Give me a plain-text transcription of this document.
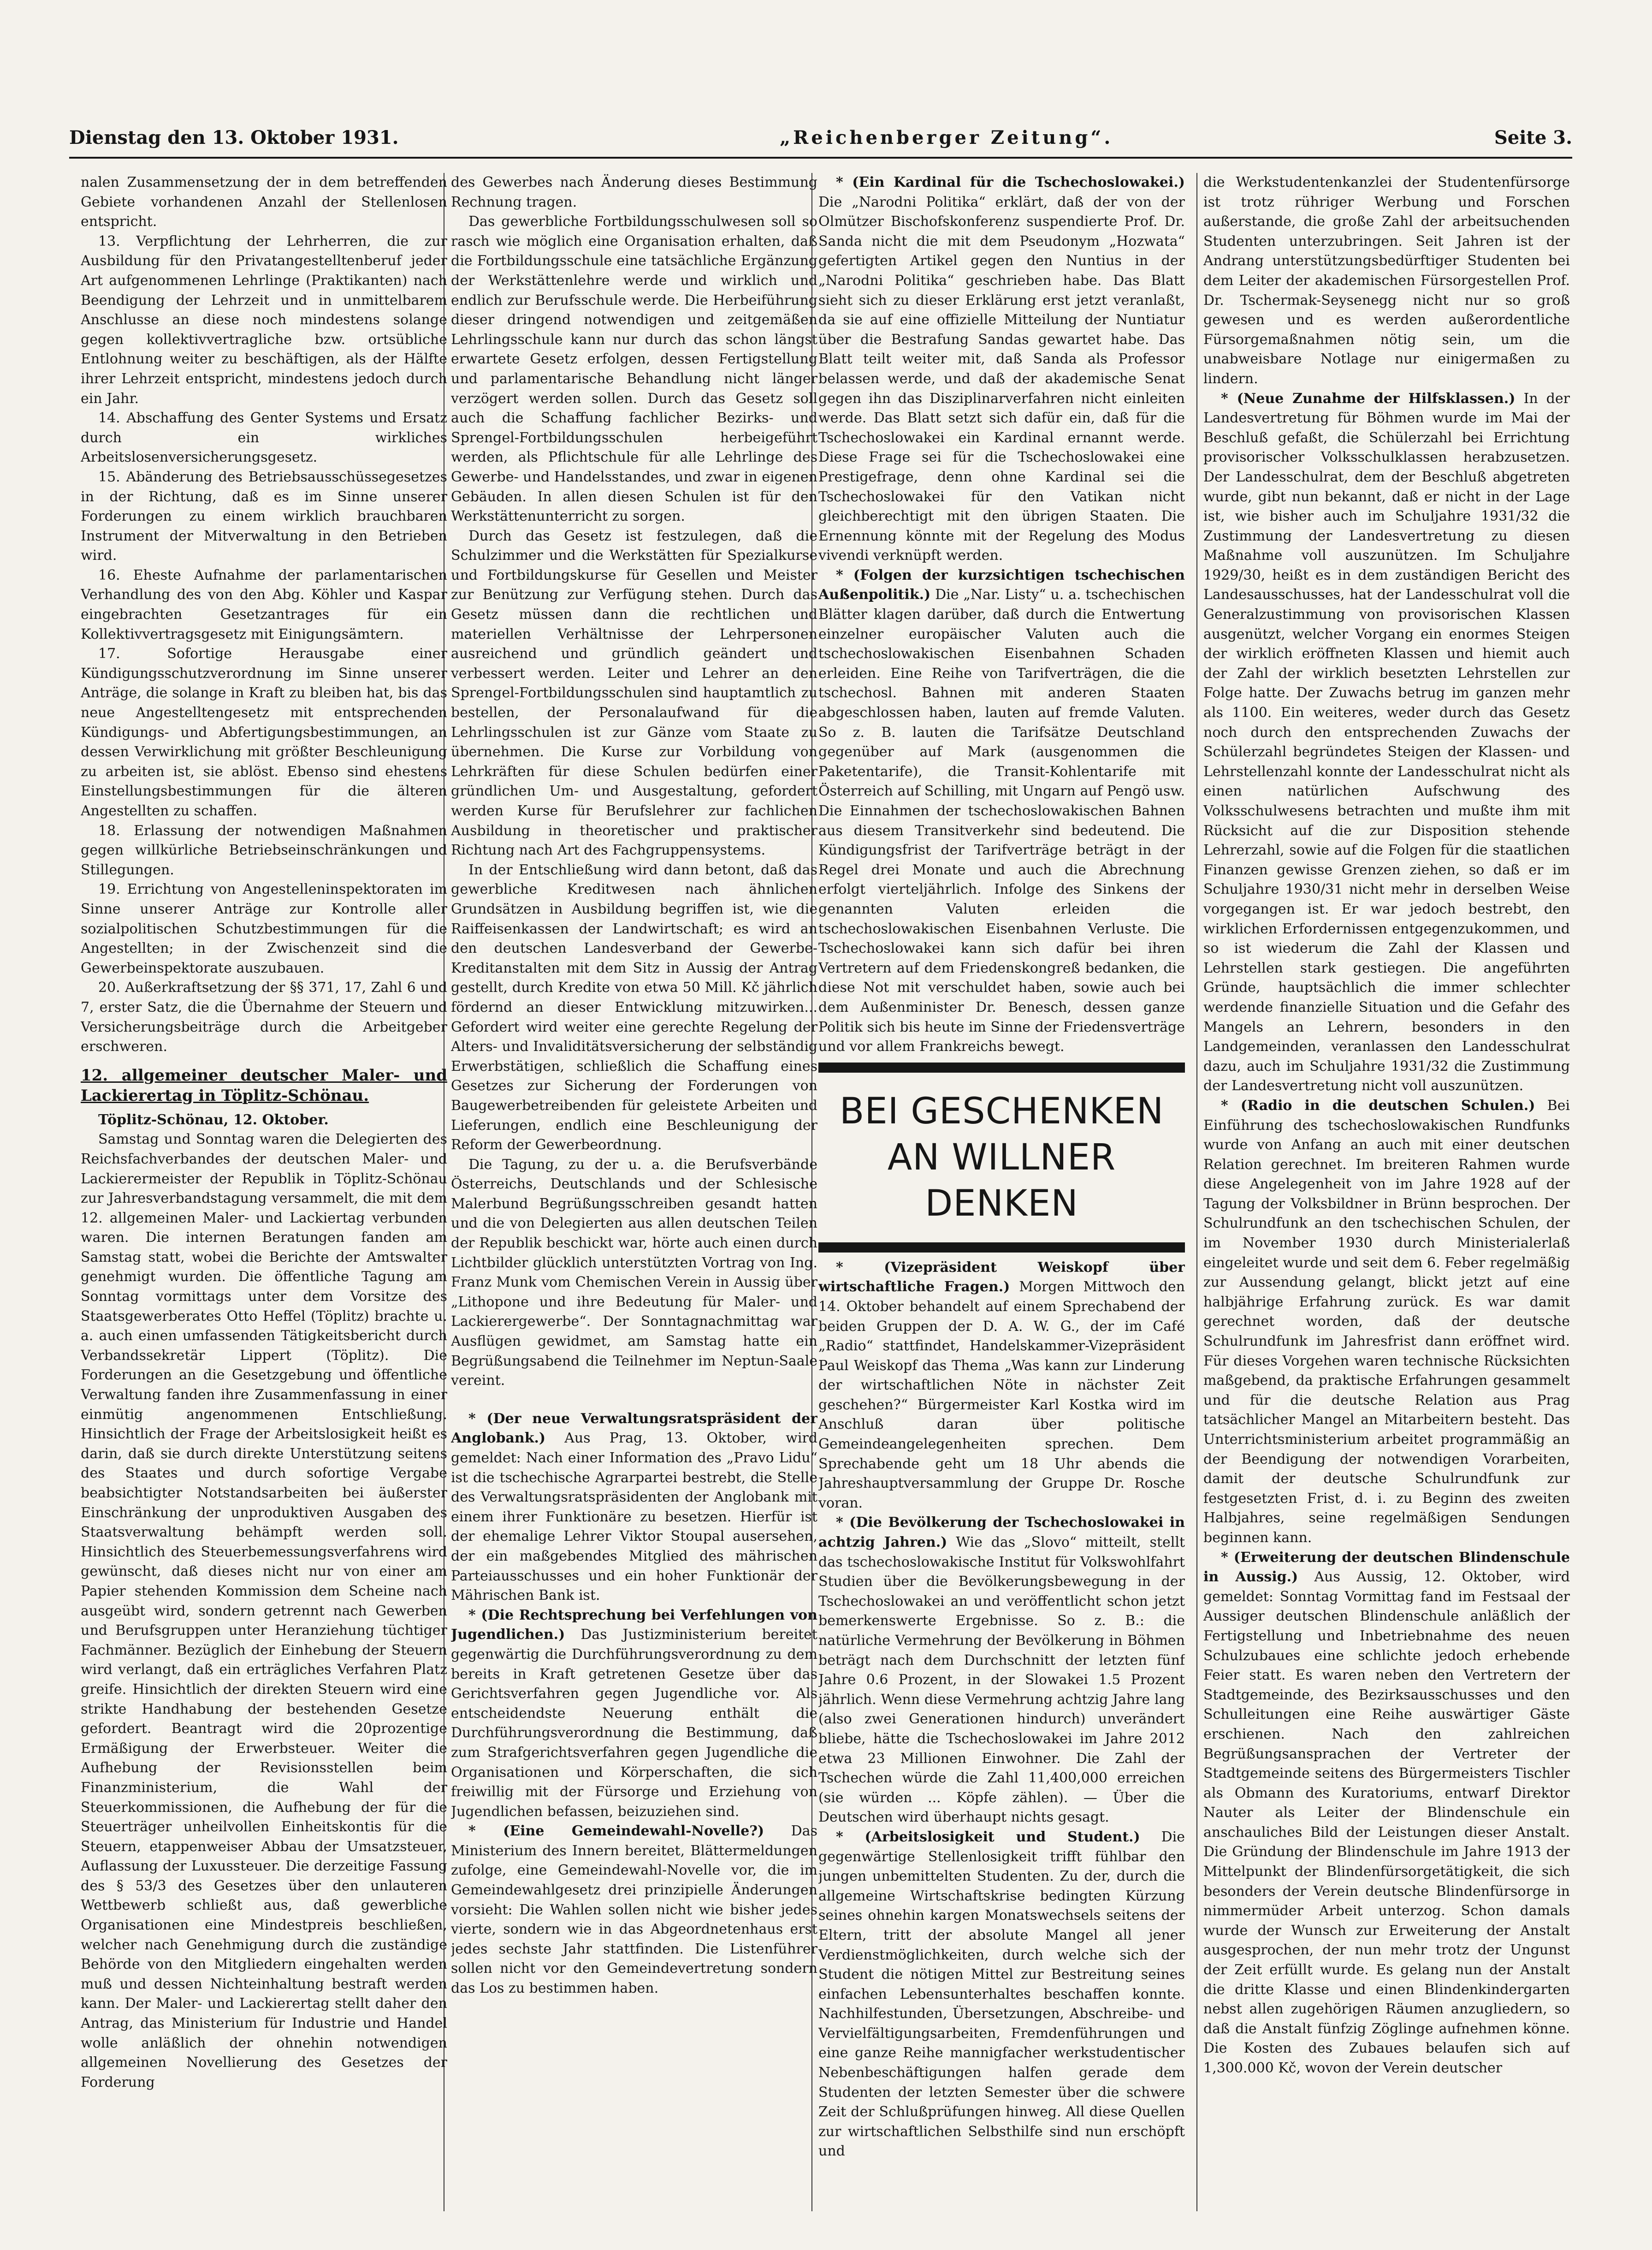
Dienstag den 13. Oktober 1931.	„Reichenberger Zeitung“.	Seite 3.

nalen Zusammensetzung der in dem betreffenden Gebiete vorhandenen Anzahl der Stellenlosen entspricht.

13. Verpflichtung der Lehrherren, die zur Ausbildung für den Privatangestelltenberuf jeder Art aufgenommenen Lehrlinge (Praktikanten) nach Beendigung der Lehrzeit und in unmittelbarem Anschlusse an diese noch mindestens solange gegen kollektivvertragliche bzw. ortsübliche Entlohnung weiter zu beschäftigen, als der Hälfte ihrer Lehrzeit entspricht, mindestens jedoch durch ein Jahr.

14. Abschaffung des Genter Systems und Ersatz durch ein wirkliches Arbeitslosenversicherungsgesetz.

15. Abänderung des Betriebsausschüssegesetzes in der Richtung, daß es im Sinne unserer Forderungen zu einem wirklich brauchbaren Instrument der Mitverwaltung in den Betrieben wird.

16. Eheste Aufnahme der parlamentarischen Verhandlung des von den Abg. Köhler und Kaspar eingebrachten Gesetzantrages für ein Kollektivvertragsgesetz mit Einigungsämtern.

17. Sofortige Herausgabe einer Kündigungsschutzverordnung im Sinne unserer Anträge, die solange in Kraft zu bleiben hat, bis das neue Angestelltengesetz mit entsprechenden Kündigungs- und Abfertigungsbestimmungen, an dessen Verwirklichung mit größter Beschleunigung zu arbeiten ist, sie ablöst. Ebenso sind ehestens Einstellungsbestimmungen für die älteren Angestellten zu schaffen.

18. Erlassung der notwendigen Maßnahmen gegen willkürliche Betriebseinschränkungen und Stillegungen.

19. Errichtung von Angestelleninspektoraten im Sinne unserer Anträge zur Kontrolle aller sozialpolitischen Schutzbestimmungen für die Angestellten; in der Zwischenzeit sind die Gewerbeinspektorate auszubauen.

20. Außerkraftsetzung der §§ 371, 17, Zahl 6 und 7, erster Satz, die die Übernahme der Steuern und Versicherungsbeiträge durch die Arbeitgeber erschweren.

12. allgemeiner deutscher Maler- und Lackierertag in Töplitz-Schönau.

Töplitz-Schönau, 12. Oktober.

Samstag und Sonntag waren die Delegierten des Reichsfachverbandes der deutschen Maler- und Lackierermeister der Republik in Töplitz-Schönau zur Jahresverbandstagung versammelt, die mit dem 12. allgemeinen Maler- und Lackiertag verbunden waren. Die internen Beratungen fanden am Samstag statt, wobei die Berichte der Amtswalter genehmigt wurden. Die öffentliche Tagung am Sonntag vormittags unter dem Vorsitze des Staatsgewerberates Otto Heffel (Töplitz) brachte u. a. auch einen umfassenden Tätigkeitsbericht durch Verbandssekretär Lippert (Töplitz). Die Forderungen an die Gesetzgebung und öffentliche Verwaltung fanden ihre Zusammenfassung in einer einmütig angenommenen Entschließung. Hinsichtlich der Frage der Arbeitslosigkeit heißt es darin, daß sie durch direkte Unterstützung seitens des Staates und durch sofortige Vergabe beabsichtigter Notstandsarbeiten bei äußerster Einschränkung der unproduktiven Ausgaben des Staatsverwaltung behämpft werden soll. Hinsichtlich des Steuerbemessungsverfahrens wird gewünscht, daß dieses nicht nur von einer am Papier stehenden Kommission dem Scheine nach ausgeübt wird, sondern getrennt nach Gewerben und Berufsgruppen unter Heranziehung tüchtiger Fachmänner. Bezüglich der Einhebung der Steuern wird verlangt, daß ein erträgliches Verfahren Platz greife. Hinsichtlich der direkten Steuern wird eine strikte Handhabung der bestehenden Gesetze gefordert. Beantragt wird die 20prozentige Ermäßigung der Erwerbsteuer. Weiter die Aufhebung der Revisionsstellen beim Finanzministerium, die Wahl der Steuerkommissionen, die Aufhebung der für die Steuerträger unheilvollen Einheitskontis für die Steuern, etappenweiser Abbau der Umsatzsteuer, Auflassung der Luxussteuer. Die derzeitige Fassung des § 53/3 des Gesetzes über den unlauteren Wettbewerb schließt aus, daß gewerbliche Organisationen eine Mindestpreis beschließen, welcher nach Genehmigung durch die zuständige Behörde von den Mitgliedern eingehalten werden muß und dessen Nichteinhaltung bestraft werden kann. Der Maler- und Lackierertag stellt daher den Antrag, das Ministerium für Industrie und Handel wolle anläßlich der ohnehin notwendigen allgemeinen Novellierung des Gesetzes der Forderung

des Gewerbes nach Änderung dieses Bestimmung Rechnung tragen.

Das gewerbliche Fortbildungsschulwesen soll so rasch wie möglich eine Organisation erhalten, daß die Fortbildungsschule eine tatsächliche Ergänzung der Werkstättenlehre werde und wirklich und endlich zur Berufsschule werde. Die Herbeiführung dieser dringend notwendigen und zeitgemäßen Lehrlingsschule kann nur durch das schon längst erwartete Gesetz erfolgen, dessen Fertigstellung und parlamentarische Behandlung nicht länger verzögert werden sollen. Durch das Gesetz soll auch die Schaffung fachlicher Bezirks- und Sprengel-Fortbildungsschulen herbeigeführt werden, als Pflichtschule für alle Lehrlinge des Gewerbe- und Handelsstandes, und zwar in eigenen Gebäuden. In allen diesen Schulen ist für den Werkstättenunterricht zu sorgen.

Durch das Gesetz ist festzulegen, daß die Schulzimmer und die Werkstätten für Spezialkurse und Fortbildungskurse für Gesellen und Meister zur Benützung zur Verfügung stehen. Durch das Gesetz müssen dann die rechtlichen und materiellen Verhältnisse der Lehrpersonen ausreichend und gründlich geändert und verbessert werden. Leiter und Lehrer an den Sprengel-Fortbildungsschulen sind hauptamtlich zu bestellen, der Personalaufwand für die Lehrlingsschulen ist zur Gänze vom Staate zu übernehmen. Die Kurse zur Vorbildung von Lehrkräften für diese Schulen bedürfen einer gründlichen Um- und Ausgestaltung, gefordert werden Kurse für Berufslehrer zur fachlichen Ausbildung in theoretischer und praktischer Richtung nach Art des Fachgruppensystems.

In der Entschließung wird dann betont, daß das gewerbliche Kreditwesen nach ähnlichen Grundsätzen in Ausbildung begriffen ist, wie die Raiffeisenkassen der Landwirtschaft; es wird an den deutschen Landesverband der Gewerbe-Kreditanstalten mit dem Sitz in Aussig der Antrag gestellt, durch Kredite von etwa 50 Mill. Kč jährlich fördernd an dieser Entwicklung mitzuwirken... Gefordert wird weiter eine gerechte Regelung der Alters- und Invaliditätsversicherung der selbständig Erwerbstätigen, schließlich die Schaffung eines Gesetzes zur Sicherung der Forderungen von Baugewerbetreibenden für geleistete Arbeiten und Lieferungen, endlich eine Beschleunigung der Reform der Gewerbeordnung.

Die Tagung, zu der u. a. die Berufsverbände Österreichs, Deutschlands und der Schlesische Malerbund Begrüßungsschreiben gesandt hatten und die von Delegierten aus allen deutschen Teilen der Republik beschickt war, hörte auch einen durch Lichtbilder glücklich unterstützten Vortrag von Ing. Franz Munk vom Chemischen Verein in Aussig über „Lithopone und ihre Bedeutung für Maler- und Lackierergewerbe“. Der Sonntagnachmittag war Ausflügen gewidmet, am Samstag hatte ein Begrüßungsabend die Teilnehmer im Neptun-Saale vereint.

* (Der neue Verwaltungsratspräsident der Anglobank.) Aus Prag, 13. Oktober, wird gemeldet: Nach einer Information des „Pravo Lidu“ ist die tschechische Agrarpartei bestrebt, die Stelle des Verwaltungsratspräsidenten der Anglobank mit einem ihrer Funktionäre zu besetzen. Hierfür ist der ehemalige Lehrer Viktor Stoupal ausersehen, der ein maßgebendes Mitglied des mährischen Parteiausschusses und ein hoher Funktionär der Mährischen Bank ist.

* (Die Rechtsprechung bei Verfehlungen von Jugendlichen.) Das Justizministerium bereitet gegenwärtig die Durchführungsverordnung zu dem bereits in Kraft getretenen Gesetze über das Gerichtsverfahren gegen Jugendliche vor. Als entscheidendste Neuerung enthält die Durchführungsverordnung die Bestimmung, daß zum Strafgerichtsverfahren gegen Jugendliche die Organisationen und Körperschaften, die sich freiwillig mit der Fürsorge und Erziehung von Jugendlichen befassen, beizuziehen sind.

* (Eine Gemeindewahl-Novelle?) Das Ministerium des Innern bereitet, Blättermeldungen zufolge, eine Gemeindewahl-Novelle vor, die im Gemeindewahlgesetz drei prinzipielle Änderungen vorsieht: Die Wahlen sollen nicht wie bisher jedes vierte, sondern wie in das Abgeordnetenhaus erst jedes sechste Jahr stattfinden. Die Listenführer sollen nicht vor den Gemeindevertretung sondern das Los zu bestimmen haben.

* (Ein Kardinal für die Tschechoslowakei.) Die „Narodni Politika“ erklärt, daß der von der Olmützer Bischofskonferenz suspendierte Prof. Dr. Sanda nicht die mit dem Pseudonym „Hozwata“ gefertigten Artikel gegen den Nuntius in der „Narodni Politika“ geschrieben habe. Das Blatt sieht sich zu dieser Erklärung erst jetzt veranlaßt, da sie auf eine offizielle Mitteilung der Nuntiatur über die Bestrafung Sandas gewartet habe. Das Blatt teilt weiter mit, daß Sanda als Professor belassen werde, und daß der akademische Senat gegen ihn das Disziplinarverfahren nicht einleiten werde. Das Blatt setzt sich dafür ein, daß für die Tschechoslowakei ein Kardinal ernannt werde. Diese Frage sei für die Tschechoslowakei eine Prestigefrage, denn ohne Kardinal sei die Tschechoslowakei für den Vatikan nicht gleichberechtigt mit den übrigen Staaten. Die Ernennung könnte mit der Regelung des Modus vivendi verknüpft werden.

* (Folgen der kurzsichtigen tschechischen Außenpolitik.) Die „Nar. Listy“ u. a. tschechischen Blätter klagen darüber, daß durch die Entwertung einzelner europäischer Valuten auch die tschechoslowakischen Eisenbahnen Schaden erleiden. Eine Reihe von Tarifverträgen, die die tschechosl. Bahnen mit anderen Staaten abgeschlossen haben, lauten auf fremde Valuten. So z. B. lauten die Tarifsätze Deutschland gegenüber auf Mark (ausgenommen die Paketentarife), die Transit-Kohlentarife mit Österreich auf Schilling, mit Ungarn auf Pengö usw. Die Einnahmen der tschechoslowakischen Bahnen aus diesem Transitverkehr sind bedeutend. Die Kündigungsfrist der Tarifverträge beträgt in der Regel drei Monate und auch die Abrechnung erfolgt vierteljährlich. Infolge des Sinkens der genannten Valuten erleiden die tschechoslowakischen Eisenbahnen Verluste. Die Tschechoslowakei kann sich dafür bei ihren Vertretern auf dem Friedenskongreß bedanken, die diese Not mit verschuldet haben, sowie auch bei dem Außenminister Dr. Benesch, dessen ganze Politik sich bis heute im Sinne der Friedensverträge und vor allem Frankreichs bewegt.

BEI GESCHENKEN
AN WILLNER DENKEN

* (Vizepräsident Weiskopf über wirtschaftliche Fragen.) Morgen Mittwoch den 14. Oktober behandelt auf einem Sprechabend der beiden Gruppen der D. A. W. G., der im Café „Radio“ stattfindet, Handelskammer-Vizepräsident Paul Weiskopf das Thema „Was kann zur Linderung der wirtschaftlichen Nöte in nächster Zeit geschehen?“ Bürgermeister Karl Kostka wird im Anschluß daran über politische Gemeindeangelegenheiten sprechen. Dem Sprechabende geht um 18 Uhr abends die Jahreshauptversammlung der Gruppe Dr. Rosche voran.

* (Die Bevölkerung der Tschechoslowakei in achtzig Jahren.) Wie das „Slovo“ mitteilt, stellt das tschechoslowakische Institut für Volkswohlfahrt Studien über die Bevölkerungsbewegung in der Tschechoslowakei an und veröffentlicht schon jetzt bemerkenswerte Ergebnisse. So z. B.: die natürliche Vermehrung der Bevölkerung in Böhmen beträgt nach dem Durchschnitt der letzten fünf Jahre 0.6 Prozent, in der Slowakei 1.5 Prozent jährlich. Wenn diese Vermehrung achtzig Jahre lang (also zwei Generationen hindurch) unverändert bliebe, hätte die Tschechoslowakei im Jahre 2012 etwa 23 Millionen Einwohner. Die Zahl der Tschechen würde die Zahl 11,400,000 erreichen (sie würden ... Köpfe zählen). — Über die Deutschen wird überhaupt nichts gesagt.

* (Arbeitslosigkeit und Student.) Die gegenwärtige Stellenlosigkeit trifft fühlbar den jungen unbemittelten Studenten. Zu der, durch die allgemeine Wirtschaftskrise bedingten Kürzung seines ohnehin kargen Monatswechsels seitens der Eltern, tritt der absolute Mangel all jener Verdienstmöglichkeiten, durch welche sich der Student die nötigen Mittel zur Bestreitung seines einfachen Lebensunterhaltes beschaffen konnte. Nachhilfestunden, Übersetzungen, Abschreibe- und Vervielfältigungsarbeiten, Fremdenführungen und eine ganze Reihe mannigfacher werkstudentischer Nebenbeschäftigungen halfen gerade dem Studenten der letzten Semester über die schwere Zeit der Schlußprüfungen hinweg. All diese Quellen zur wirtschaftlichen Selbsthilfe sind nun erschöpft und

die Werkstudentenkanzlei der Studentenfürsorge ist trotz rühriger Werbung und Forschen außerstande, die große Zahl der arbeitsuchenden Studenten unterzubringen. Seit Jahren ist der Andrang unterstützungsbedürftiger Studenten bei dem Leiter der akademischen Fürsorgestellen Prof. Dr. Tschermak-Seysenegg nicht nur so groß gewesen und es werden außerordentliche Fürsorgemaßnahmen nötig sein, um die unabweisbare Notlage nur einigermaßen zu lindern.

* (Neue Zunahme der Hilfsklassen.) In der Landesvertretung für Böhmen wurde im Mai der Beschluß gefaßt, die Schülerzahl bei Errichtung provisorischer Volksschulklassen herabzusetzen. Der Landesschulrat, dem der Beschluß abgetreten wurde, gibt nun bekannt, daß er nicht in der Lage ist, wie bisher auch im Schuljahre 1931/32 die Zustimmung der Landesvertretung zu diesen Maßnahme voll auszunützen. Im Schuljahre 1929/30, heißt es in dem zuständigen Bericht des Landesausschusses, hat der Landesschulrat voll die Generalzustimmung von provisorischen Klassen ausgenützt, welcher Vorgang ein enormes Steigen der wirklich eröffneten Klassen und hiemit auch der Zahl der wirklich besetzten Lehrstellen zur Folge hatte. Der Zuwachs betrug im ganzen mehr als 1100. Ein weiteres, weder durch das Gesetz noch durch den entsprechenden Zuwachs der Schülerzahl begründetes Steigen der Klassen- und Lehrstellenzahl konnte der Landesschulrat nicht als einen natürlichen Aufschwung des Volksschulwesens betrachten und mußte ihm mit Rücksicht auf die zur Disposition stehende Lehrerzahl, sowie auf die Folgen für die staatlichen Finanzen gewisse Grenzen ziehen, so daß er im Schuljahre 1930/31 nicht mehr in derselben Weise vorgegangen ist. Er war jedoch bestrebt, den wirklichen Erfordernissen entgegenzukommen, und so ist wiederum die Zahl der Klassen und Lehrstellen stark gestiegen. Die angeführten Gründe, hauptsächlich die immer schlechter werdende finanzielle Situation und die Gefahr des Mangels an Lehrern, besonders in den Landgemeinden, veranlassen den Landesschulrat dazu, auch im Schuljahre 1931/32 die Zustimmung der Landesvertretung nicht voll auszunützen.

* (Radio in die deutschen Schulen.) Bei Einführung des tschechoslowakischen Rundfunks wurde von Anfang an auch mit einer deutschen Relation gerechnet. Im breiteren Rahmen wurde diese Angelegenheit von im Jahre 1928 auf der Tagung der Volksbildner in Brünn besprochen. Der Schulrundfunk an den tschechischen Schulen, der im November 1930 durch Ministerialerlaß eingeleitet wurde und seit dem 6. Feber regelmäßig zur Aussendung gelangt, blickt jetzt auf eine halbjährige Erfahrung zurück. Es war damit gerechnet worden, daß der deutsche Schulrundfunk im Jahresfrist dann eröffnet wird. Für dieses Vorgehen waren technische Rücksichten maßgebend, da praktische Erfahrungen gesammelt und für die deutsche Relation aus Prag tatsächlicher Mangel an Mitarbeitern besteht. Das Unterrichtsministerium arbeitet programmäßig an der Beendigung der notwendigen Vorarbeiten, damit der deutsche Schulrundfunk zur festgesetzten Frist, d. i. zu Beginn des zweiten Halbjahres, seine regelmäßigen Sendungen beginnen kann.

* (Erweiterung der deutschen Blindenschule in Aussig.) Aus Aussig, 12. Oktober, wird gemeldet: Sonntag Vormittag fand im Festsaal der Aussiger deutschen Blindenschule anläßlich der Fertigstellung und Inbetriebnahme des neuen Schulzubaues eine schlichte jedoch erhebende Feier statt. Es waren neben den Vertretern der Stadtgemeinde, des Bezirksausschusses und den Schulleitungen eine Reihe auswärtiger Gäste erschienen. Nach den zahlreichen Begrüßungsansprachen der Vertreter der Stadtgemeinde seitens des Bürgermeisters Tischler als Obmann des Kuratoriums, entwarf Direktor Nauter als Leiter der Blindenschule ein anschauliches Bild der Leistungen dieser Anstalt. Die Gründung der Blindenschule im Jahre 1913 der Mittelpunkt der Blindenfürsorgetätigkeit, die sich besonders der Verein deutsche Blindenfürsorge in nimmermüder Arbeit unterzog. Schon damals wurde der Wunsch zur Erweiterung der Anstalt ausgesprochen, der nun mehr trotz der Ungunst der Zeit erfüllt wurde. Es gelang nun der Anstalt die dritte Klasse und einen Blindenkindergarten nebst allen zugehörigen Räumen anzugliedern, so daß die Anstalt fünfzig Zöglinge aufnehmen könne. Die Kosten des Zubaues belaufen sich auf 1,300.000 Kč, wovon der Verein deutscher
